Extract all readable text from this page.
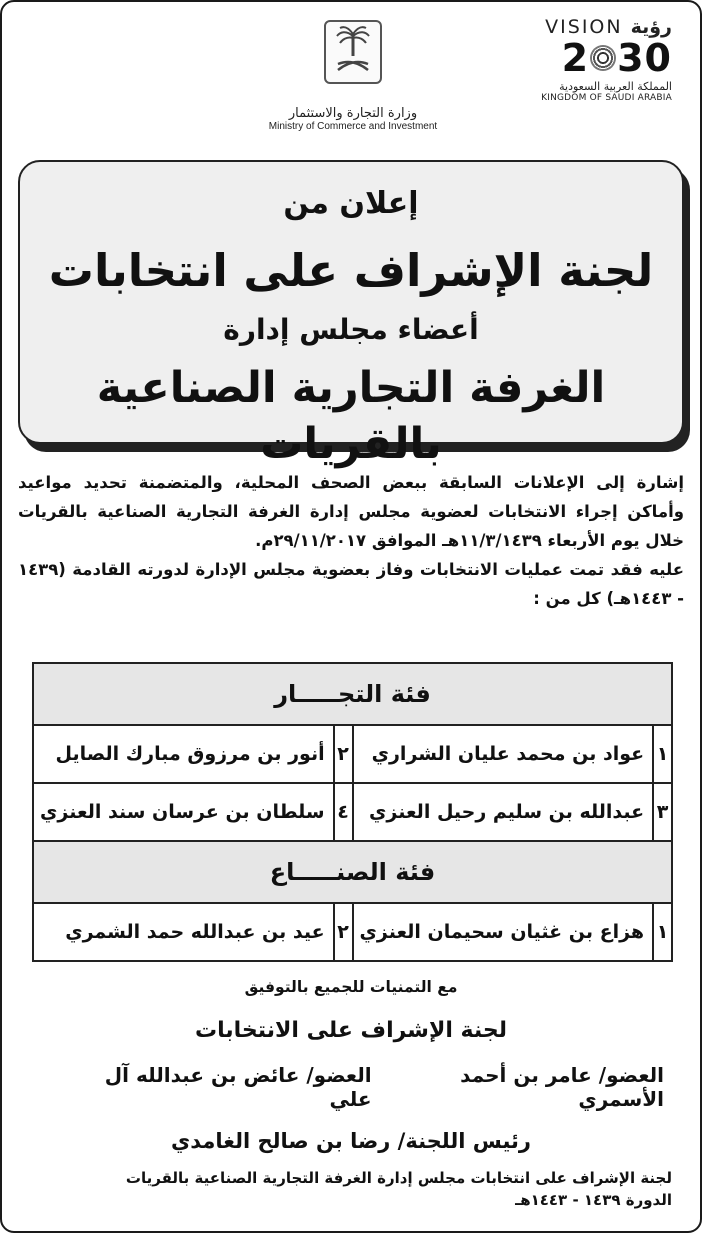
VISION رؤية
2 30
المملكة العربية السعودية
KINGDOM OF SAUDI ARABIA
وزارة التجارة والاستثمار
Ministry of Commerce and Investment
إعلان من
لجنة الإشراف على انتخابات
أعضاء مجلس إدارة
الغرفة التجارية الصناعية بالقريات

إشارة إلى الإعلانات السابقة ببعض الصحف المحلية، والمتضمنة تحديد مواعيد وأماكن إجراء الانتخابات لعضوية مجلس إدارة الغرفة التجارية الصناعية بالقريات خلال يوم الأربعاء ١١/٣/١٤٣٩هـ الموافق ٢٩/١١/٢٠١٧م.

عليه فقد تمت عمليات الانتخابات وفاز بعضوية مجلس الإدارة لدورته القادمة (١٤٣٩ - ١٤٤٣هـ) كل من :

فئة التجـــــار			
١	عواد بن محمد عليان الشراري	٢	أنور بن مرزوق مبارك الصايل
٣	عبدالله بن سليم رحيل العنزي	٤	سلطان بن عرسان سند العنزي
فئة الصنـــــاع			
١	هزاع بن غثيان سحيمان العنزي	٢	عيد بن عبدالله حمد الشمري
مع التمنيات للجميع بالتوفيق
لجنة الإشراف على الانتخابات
العضو/ عامر بن أحمد الأسمري
العضو/ عائض بن عبدالله آل علي
رئيس اللجنة/ رضا بن صالح الغامدي
لجنة الإشراف على انتخابات مجلس إدارة الغرفة التجارية الصناعية بالقريات
الدورة ١٤٣٩ - ١٤٤٣هـ
